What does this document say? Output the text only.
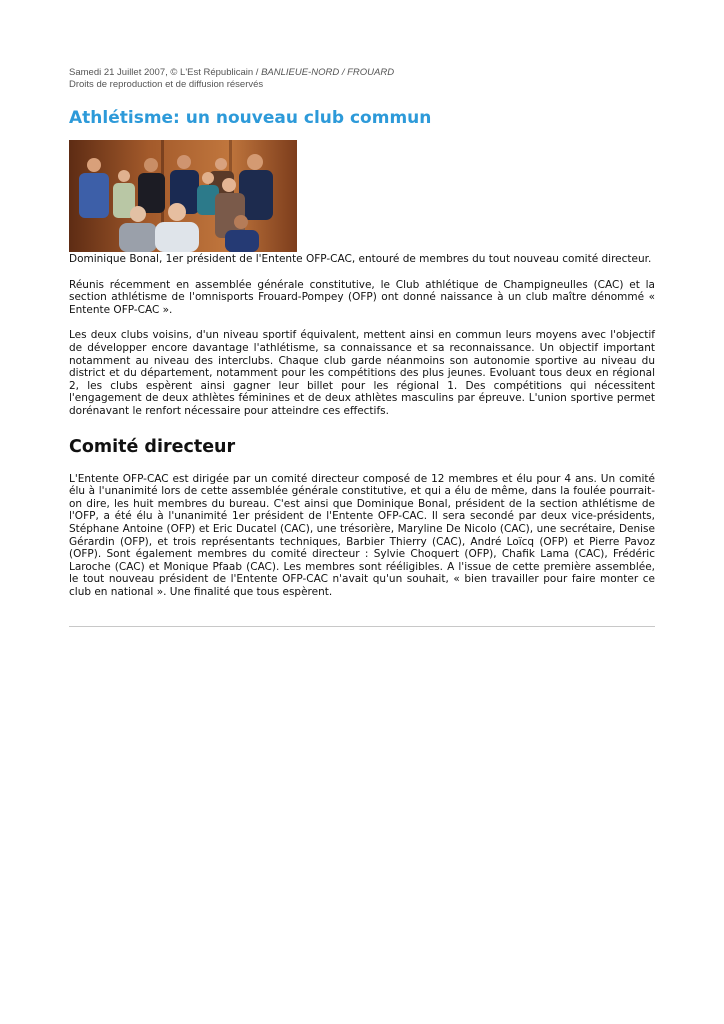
Samedi 21 Juillet 2007, © L'Est Républicain / BANLIEUE-NORD / FROUARD
Droits de reproduction et de diffusion réservés
Athlétisme: un nouveau club commun

Dominique Bonal, 1er président de l'Entente OFP-CAC, entouré de membres du tout nouveau comité directeur.

Réunis récemment en assemblée générale constitutive, le Club athlétique de Champigneulles (CAC) et la section athlétisme de l'omnisports Frouard-Pompey (OFP) ont donné naissance à un club maître dénommé « Entente OFP-CAC ».

Les deux clubs voisins, d'un niveau sportif équivalent, mettent ainsi en commun leurs moyens avec l'objectif de développer encore davantage l'athlétisme, sa connaissance et sa reconnaissance. Un objectif important notamment au niveau des interclubs. Chaque club garde néanmoins son autonomie sportive au niveau du district et du département, notamment pour les compétitions des plus jeunes. Evoluant tous deux en régional 2, les clubs espèrent ainsi gagner leur billet pour les régional 1. Des compétitions qui nécessitent l'engagement de deux athlètes féminines et de deux athlètes masculins par épreuve. L'union sportive permet dorénavant le renfort nécessaire pour atteindre ces effectifs.

Comité directeur

L'Entente OFP-CAC est dirigée par un comité directeur composé de 12 membres et élu pour 4 ans. Un comité élu à l'unanimité lors de cette assemblée générale constitutive, et qui a élu de même, dans la foulée pourrait-on dire, les huit membres du bureau. C'est ainsi que Dominique Bonal, président de la section athlétisme de l'OFP, a été élu à l'unanimité 1er président de l'Entente OFP-CAC. Il sera secondé par deux vice-présidents, Stéphane Antoine (OFP) et Eric Ducatel (CAC), une trésorière, Maryline De Nicolo (CAC), une secrétaire, Denise Gérardin (OFP), et trois représentants techniques, Barbier Thierry (CAC), André Loïcq (OFP) et Pierre Pavoz (OFP). Sont également membres du comité directeur : Sylvie Choquert (OFP), Chafik Lama (CAC), Frédéric Laroche (CAC) et Monique Pfaab (CAC). Les membres sont rééligibles. A l'issue de cette première assemblée, le tout nouveau président de l'Entente OFP-CAC n'avait qu'un souhait, « bien travailler pour faire monter ce club en national ». Une finalité que tous espèrent.
